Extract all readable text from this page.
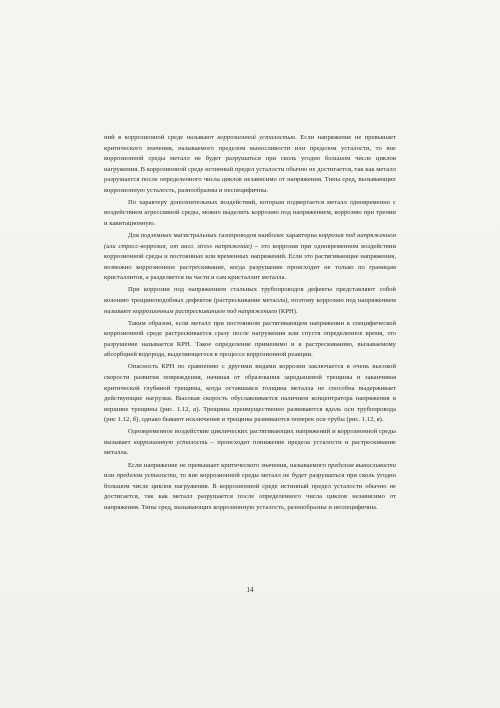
ний в коррозионной среде называют коррозионной усталостью. Если напряжение не превышает критического значения, называемого пределом выносливости или пределом усталости, то вне коррозионной среды металл не будет разрушаться при сколь угодно большом числе циклов нагружения. В коррозионной среде истинный предел усталости обычно не достигается, так как металл разрушается после определенного числа циклов независимо от напряжения. Типы сред, вызывающих коррозионную усталость, разнообразны и неспецифичны.

По характеру дополнительных воздействий, которым подвергается металл одновременно с воздействием агрессивной среды, можно выделить коррозию под напряжением, коррозию при трении и кавитационную.

Для подземных магистральных газопроводов наиболее характерна коррозия под напряжением (или стресс-коррозия, от англ. stress напряжение) – это коррозия при одновременном воздействии коррозионной среды и постоянных или временных напряжений. Если это растягивающие напряжения, возможно коррозионное растрескивание, когда разрушение происходит не только по границам кристаллитов, а разделяется на части и сам кристаллит металла.

При коррозии под напряжением стальных трубопроводов дефекты представляют собой колонию трещиноподобных дефектов (растрескивание металла), поэтому коррозию под напряжением называют коррозионным растрескиванием под напряжением (КРН).

Таким образом, если металл при постоянном растягивающем напряжении в специфической коррозионной среде растрескивается сразу после нагружения или спустя определенное время, это разрушение называется КРН. Такое определение применимо и к растрескиванию, вызываемому абсорбцией водорода, выделяющегося в процессе коррозионной реакции.

Опасность КРН по сравнению с другими видами коррозии заключается в очень высокой скорости развития повреждения, начиная от образования зародышевой трещины и заканчивая критической глубиной трещины, когда оставшаяся толщина металла не способна выдерживает действующие нагрузки. Высокая скорость обуславливается наличием концентратора напряжения в вершине трещины (рис. 1.12, а). Трещины преимущественно развиваются вдоль оси трубопровода (рис 1.12, б), однако бывают исключения и трещины развиваются поперек оси трубы (рис. 1.12, в).

Одновременное воздействие циклических растягивающих напряжений и коррозионной среды вызывает коррозионную усталость – происходит понижение предела усталости и растрескивание металла.

Если напряжение не превышает критического значения, называемого пределом выносливости или пределом усталости, то вне коррозионной среды металл не будет разрушаться при сколь угодно большом числе циклов нагружения. В коррозионной среде истинный предел усталости обычно не достигается, так как металл разрушается после определенного числа циклов независимо от напряжения. Типы сред, вызывающих коррозионную усталость, разнообразны и неспецифичны.

14
